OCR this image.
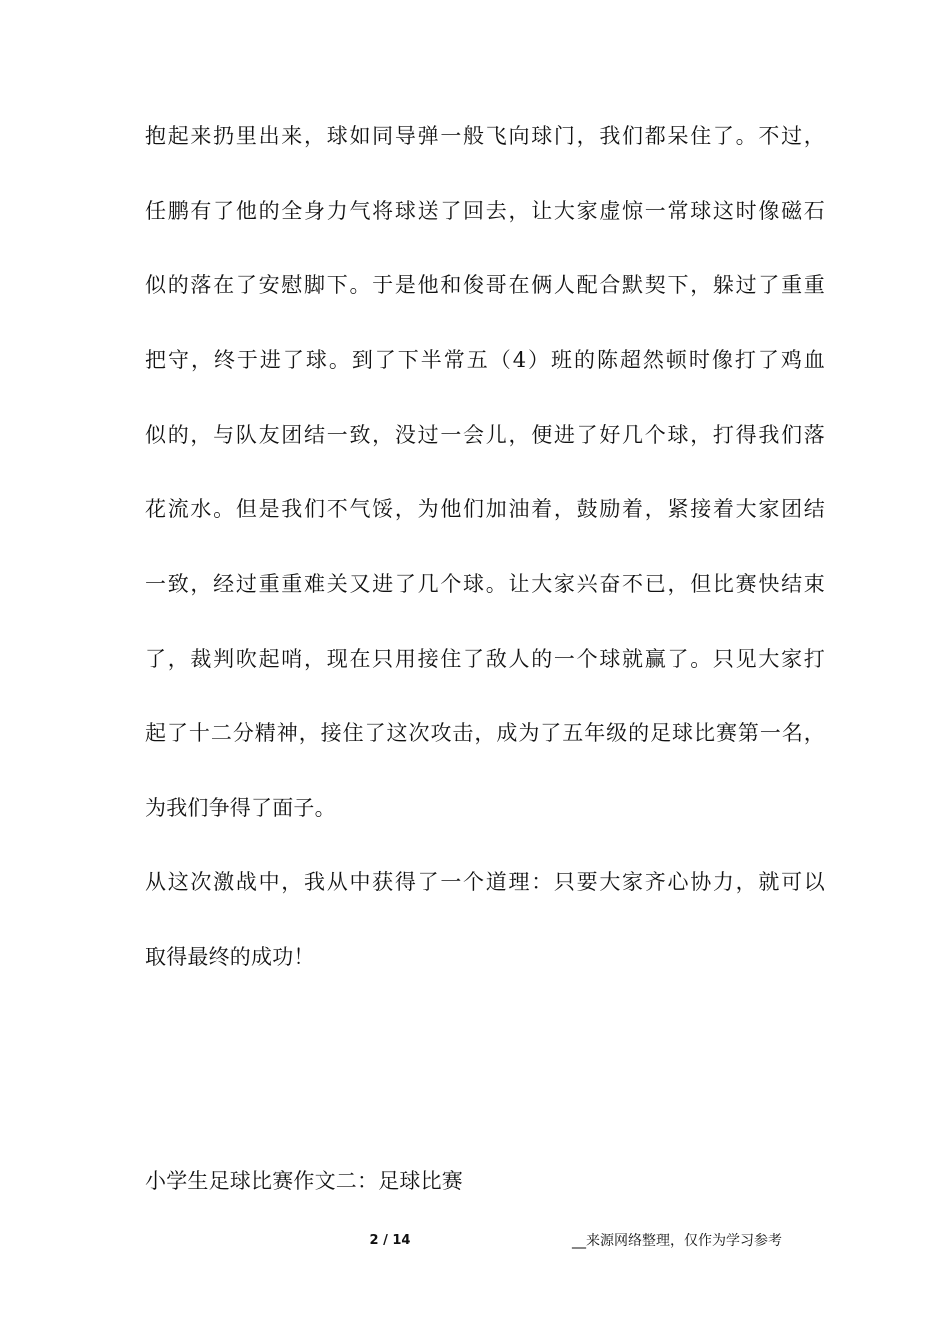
抱起来扔里出来，球如同导弹一般飞向球门，我们都呆住了。不过，
任鹏有了他的全身力气将球送了回去，让大家虚惊一常球这时像磁石
似的落在了安慰脚下。于是他和俊哥在俩人配合默契下，躲过了重重
把守，终于进了球。到了下半常五（4）班的陈超然顿时像打了鸡血
似的，与队友团结一致，没过一会儿，便进了好几个球，打得我们落
花流水。但是我们不气馁，为他们加油着，鼓励着，紧接着大家团结
一致，经过重重难关又进了几个球。让大家兴奋不已，但比赛快结束
了，裁判吹起哨，现在只用接住了敌人的一个球就赢了。只见大家打
起了十二分精神，接住了这次攻击，成为了五年级的足球比赛第一名，
为我们争得了面子。
从这次激战中，我从中获得了一个道理：只要大家齐心协力，就可以
取得最终的成功！
小学生足球比赛作文二：足球比赛
2 / 14	__来源网络整理，仅作为学习参考
